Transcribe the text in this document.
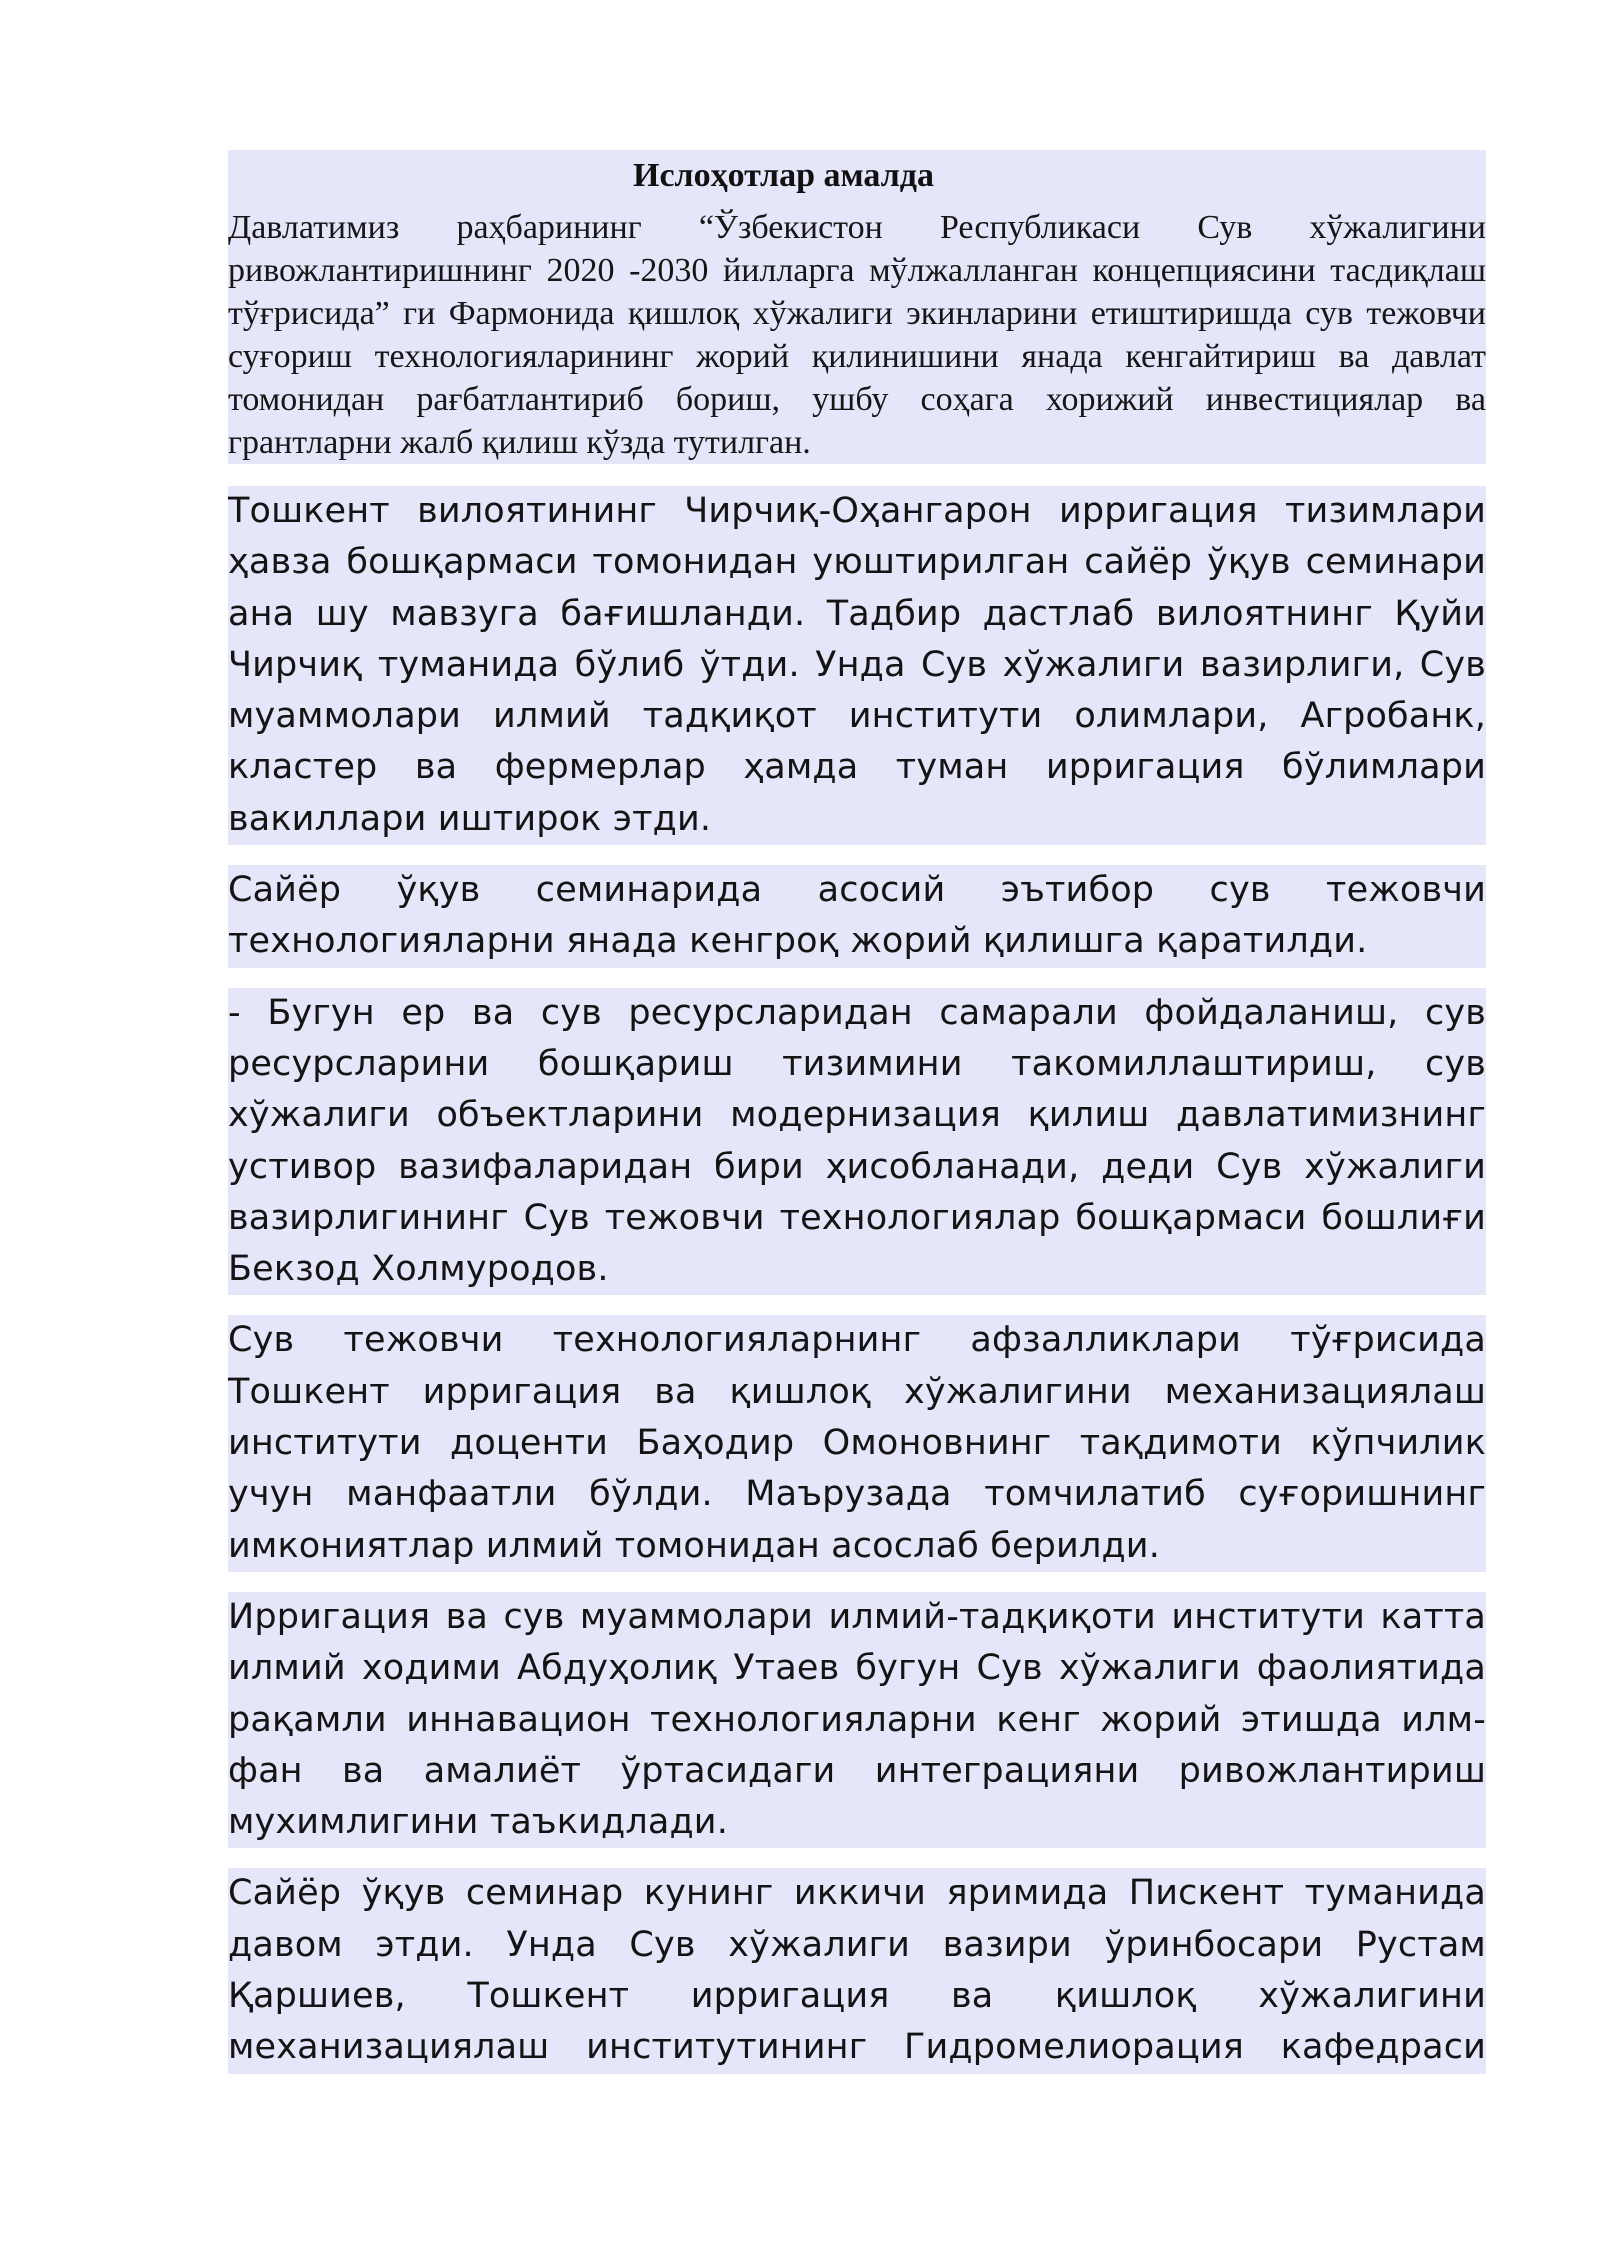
Ислоҳотлар амалда

Давлатимиз раҳбарининг “Ўзбекистон Республикаси Сув хўжалигини ривожлантиришнинг 2020 -2030 йилларга мўлжалланган концепциясини тасдиқлаш тўғрисида” ги Фармонида қишлоқ хўжалиги экинларини етиштиришда сув тежовчи суғориш технологияларининг жорий қилинишини янада кенгайтириш ва давлат томонидан рағбатлантириб бориш, ушбу соҳага хорижий инвестициялар ва грантларни жалб қилиш кўзда тутилган.

Тошкент вилоятининг Чирчиқ-Оҳангарон ирригация тизимлари ҳавза бошқармаси томонидан уюштирилган сайёр ўқув семинари ана шу мавзуга бағишланди. Тадбир дастлаб вилоятнинг Қуйи Чирчиқ туманида бўлиб ўтди. Унда Сув хўжалиги вазирлиги, Сув муаммолари илмий тадқиқот институти олимлари, Агробанк, кластер ва фермерлар ҳамда туман ирригация бўлимлари вакиллари иштирок этди.

Сайёр ўқув семинарида асосий эътибор сув тежовчи технологияларни янада кенгроқ жорий қилишга қаратилди.

- Бугун ер ва сув ресурсларидан самарали фойдаланиш, сув ресурсларини бошқариш тизимини такомиллаштириш, сув хўжалиги объектларини модернизация қилиш давлатимизнинг устивор вазифаларидан бири ҳисобланади, деди Сув хўжалиги вазирлигининг Сув тежовчи технологиялар бошқармаси бошлиғи Бекзод Холмуродов.

Сув тежовчи технологияларнинг афзалликлари тўғрисида Тошкент ирригация ва қишлоқ хўжалигини механизациялаш институти доценти Баҳодир Омоновнинг тақдимоти кўпчилик учун манфаатли бўлди. Маърузада томчилатиб суғоришнинг имкониятлар илмий томонидан асослаб берилди.

Ирригация ва сув муаммолари илмий-тадқиқоти институти катта илмий ходими Абдуҳолиқ Утаев бугун Сув хўжалиги фаолиятида рақамли иннавацион технологияларни кенг жорий этишда илм-фан ва амалиёт ўртасидаги интеграцияни ривожлантириш мухимлигини таъкидлади.

Сайёр ўқув семинар кунинг иккичи яримида Пискент туманида давом этди. Унда Сув хўжалиги вазири ўринбосари Рустам Қаршиев, Тошкент ирригация ва қишлоқ хўжалигини механизациялаш институтининг Гидромелиорация кафедраси
